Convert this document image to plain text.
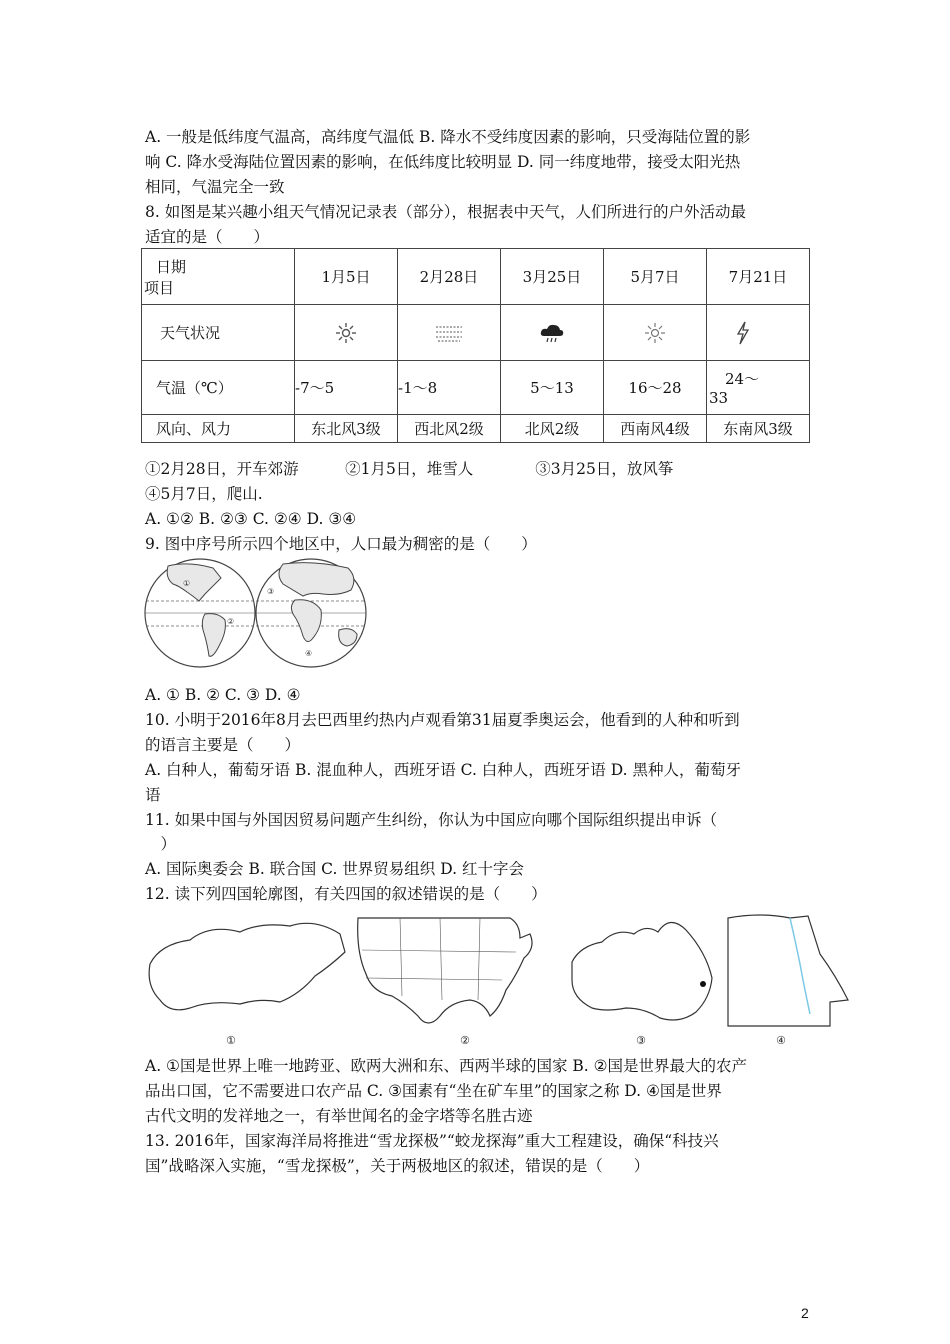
A. 一般是低纬度气温高，高纬度气温低 B. 降水不受纬度因素的影响，只受海陆位置的影
响 C. 降水受海陆位置因素的影响，在低纬度比较明显 D. 同一纬度地带，接受太阳光热
相同，气温完全一致
8. 如图是某兴趣小组天气情况记录表（部分），根据表中天气，人们所进行的户外活动最
适宜的是（　　）
日期
项目	1月5日	2月28日	3月25日	5月7日	7月21日
天气状况	

气温（℃）	-7～5	-1～8	5～13	16～28	24～
33

风向、风力	东北风3级	西北风2级	北风2级	西南风4级	东南风3级
①2月28日，开车郊游　　　②1月5日，堆雪人　　　　③3月25日，放风筝
④5月7日，爬山.
A. ①② B. ②③ C. ②④ D. ③④
9. 图中序号所示四个地区中，人口最为稠密的是（　　）
①
②
③
④
A. ① B. ② C. ③ D. ④
10. 小明于2016年8月去巴西里约热内卢观看第31届夏季奥运会，他看到的人种和听到
的语言主要是（　　）
A. 白种人，葡萄牙语 B. 混血种人，西班牙语 C. 白种人，西班牙语 D. 黑种人，葡萄牙
语
11. 如果中国与外国因贸易问题产生纠纷，你认为中国应向哪个国际组织提出申诉（
　）
A. 国际奥委会 B. 联合国 C. 世界贸易组织 D. 红十字会
12. 读下列四国轮廓图，有关四国的叙述错误的是（　　）
①	②	③	④
A. ①国是世界上唯一地跨亚、欧两大洲和东、西两半球的国家 B. ②国是世界最大的农产
品出口国，它不需要进口农产品 C. ③国素有“坐在矿车里”的国家之称 D. ④国是世界
古代文明的发祥地之一，有举世闻名的金字塔等名胜古迹
13. 2016年，国家海洋局将推进“雪龙探极”“蛟龙探海”重大工程建设，确保“科技兴
国”战略深入实施，“雪龙探极”，关于两极地区的叙述，错误的是（　　）
2
